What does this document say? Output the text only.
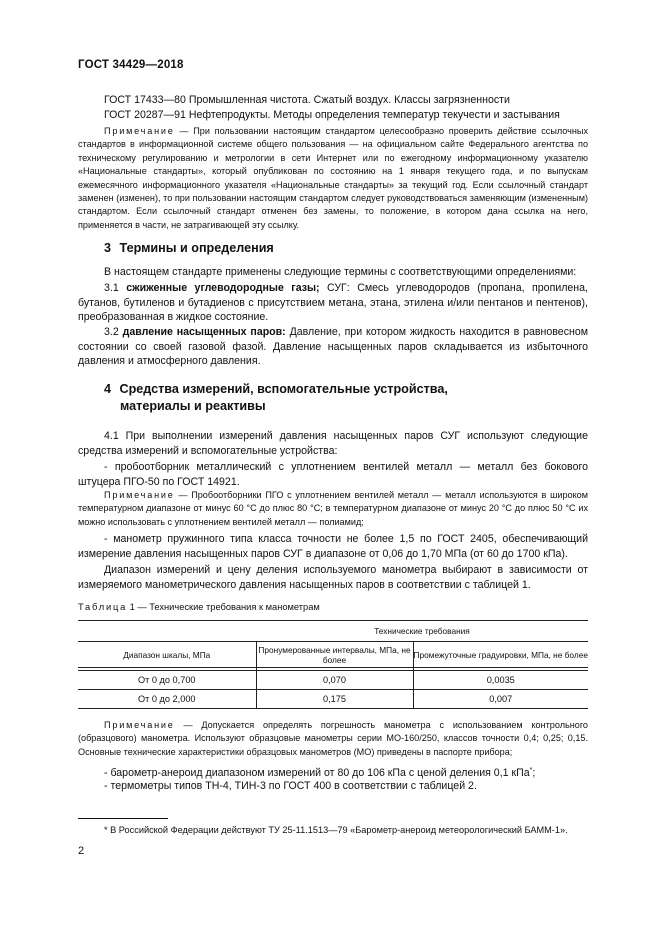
ГОСТ 34429—2018
ГОСТ 17433—80 Промышленная чистота. Сжатый воздух. Классы загрязненности
ГОСТ 20287—91 Нефтепродукты. Методы определения температур текучести и застывания
Примечание — При пользовании настоящим стандартом целесообразно проверить действие ссылочных стандартов в информационной системе общего пользования — на официальном сайте Федерального агентства по техническому регулированию и метрологии в сети Интернет или по ежегодному информационному указателю «Национальные стандарты», который опубликован по состоянию на 1 января текущего года, и по выпускам ежемесячного информационного указателя «Национальные стандарты» за текущий год. Если ссылочный стандарт заменен (изменен), то при пользовании настоящим стандартом следует руководствоваться заменяющим (измененным) стандартом. Если ссылочный стандарт отменен без замены, то положение, в котором дана ссылка на него, применяется в части, не затрагивающей эту ссылку.
3 Термины и определения
В настоящем стандарте применены следующие термины с соответствующими определениями:
3.1 сжиженные углеводородные газы; СУГ: Смесь углеводородов (пропана, пропилена, бутанов, бутиленов и бутадиенов с присутствием метана, этана, этилена и/или пентанов и пентенов), преобразованная в жидкое состояние.
3.2 давление насыщенных паров: Давление, при котором жидкость находится в равновесном состоянии со своей газовой фазой. Давление насыщенных паров складывается из избыточного давления и атмосферного давления.
4 Средства измерений, вспомогательные устройства,
материалы и реактивы
4.1 При выполнении измерений давления насыщенных паров СУГ используют следующие средства измерений и вспомогательные устройства:
- пробоотборник металлический с уплотнением вентилей металл — металл без бокового штуцера ПГО-50 по ГОСТ 14921.
Примечание — Пробоотборники ПГО с уплотнением вентилей металл — металл используются в широком температурном диапазоне от минус 60 °С до плюс 80 °С; в температурном диапазоне от минус 20 °С до плюс 50 °С их можно использовать с уплотнением вентилей металл — полиамид;
- манометр пружинного типа класса точности не более 1,5 по ГОСТ 2405, обеспечивающий измерение давления насыщенных паров СУГ в диапазоне от 0,06 до 1,70 МПа (от 60 до 1700 кПа).
Диапазон измерений и цену деления используемого манометра выбирают в зависимости от измеряемого манометрического давления насыщенных паров в соответствии с таблицей 1.
Таблица 1 — Технические требования к манометрам
	Технические требования	
Диапазон шкалы, МПа	Пронумерованные интервалы, МПа, не более	Промежуточные градуировки, МПа, не более

От 0 до 0,700	0,070	0,0035
От 0 до 2,000	0,175	0,007
Примечание — Допускается определять погрешность манометра с использованием контрольного (образцового) манометра. Используют образцовые манометры серии МО-160/250, классов точности 0,4; 0,25; 0,15. Основные технические характеристики образцовых манометров (МО) приведены в паспорте прибора;
- барометр-анероид диапазоном измерений от 80 до 106 кПа с ценой деления 0,1 кПа*;
- термометры типов ТН-4, ТИН-3 по ГОСТ 400 в соответствии с таблицей 2.
* В Российской Федерации действуют ТУ 25-11.1513—79 «Барометр-анероид метеорологический БАММ-1».
2
